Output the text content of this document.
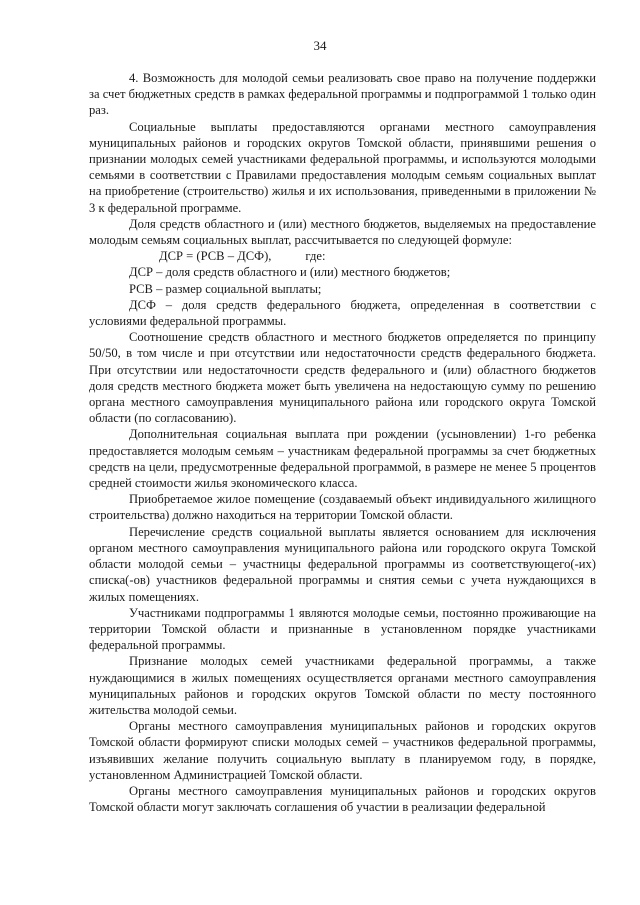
34

4. Возможность для молодой семьи реализовать свое право на получение поддержки за счет бюджетных средств в рамках федеральной программы и подпрограммой 1 только один раз.

Социальные выплаты предоставляются органами местного самоуправления муниципальных районов и городских округов Томской области, принявшими решения о признании молодых семей участниками федеральной программы, и используются молодыми семьями в соответствии с Правилами предоставления молодым семьям социальных выплат на приобретение (строительство) жилья и их использования, приведенными в приложении № 3 к федеральной программе.

Доля средств областного и (или) местного бюджетов, выделяемых на предоставление молодым семьям социальных выплат, рассчитывается по следующей формуле:

ДСР = (РСВ – ДСФ),	где:

ДСР – доля средств областного и (или) местного бюджетов;

РСВ – размер социальной выплаты;

ДСФ – доля средств федерального бюджета, определенная в соответствии с условиями федеральной программы.

Соотношение средств областного и местного бюджетов определяется по принципу 50/50, в том числе и при отсутствии или недостаточности средств федерального бюджета. При отсутствии или недостаточности средств федерального и (или) областного бюджетов доля средств местного бюджета может быть увеличена на недостающую сумму по решению органа местного самоуправления муниципального района или городского округа Томской области (по согласованию).

Дополнительная социальная выплата при рождении (усыновлении) 1-го ребенка предоставляется молодым семьям – участникам федеральной программы за счет бюджетных средств на цели, предусмотренные федеральной программой, в размере не менее 5 процентов средней стоимости жилья экономического класса.

Приобретаемое жилое помещение (создаваемый объект индивидуального жилищного строительства) должно находиться на территории Томской области.

Перечисление средств социальной выплаты является основанием для исключения органом местного самоуправления муниципального района или городского округа Томской области молодой семьи – участницы федеральной программы из соответствующего(-их) списка(-ов) участников федеральной программы и снятия семьи с учета нуждающихся в жилых помещениях.

Участниками подпрограммы 1 являются молодые семьи, постоянно проживающие на территории Томской области и признанные в установленном порядке участниками федеральной программы.

Признание молодых семей участниками федеральной программы, а также нуждающимися в жилых помещениях осуществляется органами местного самоуправления муниципальных районов и городских округов Томской области по месту постоянного жительства молодой семьи.

Органы местного самоуправления муниципальных районов и городских округов Томской области формируют списки молодых семей – участников федеральной программы, изъявивших желание получить социальную выплату в планируемом году, в порядке, установленном Администрацией Томской области.

Органы местного самоуправления муниципальных районов и городских округов Томской области могут заключать соглашения об участии в реализации федеральной
